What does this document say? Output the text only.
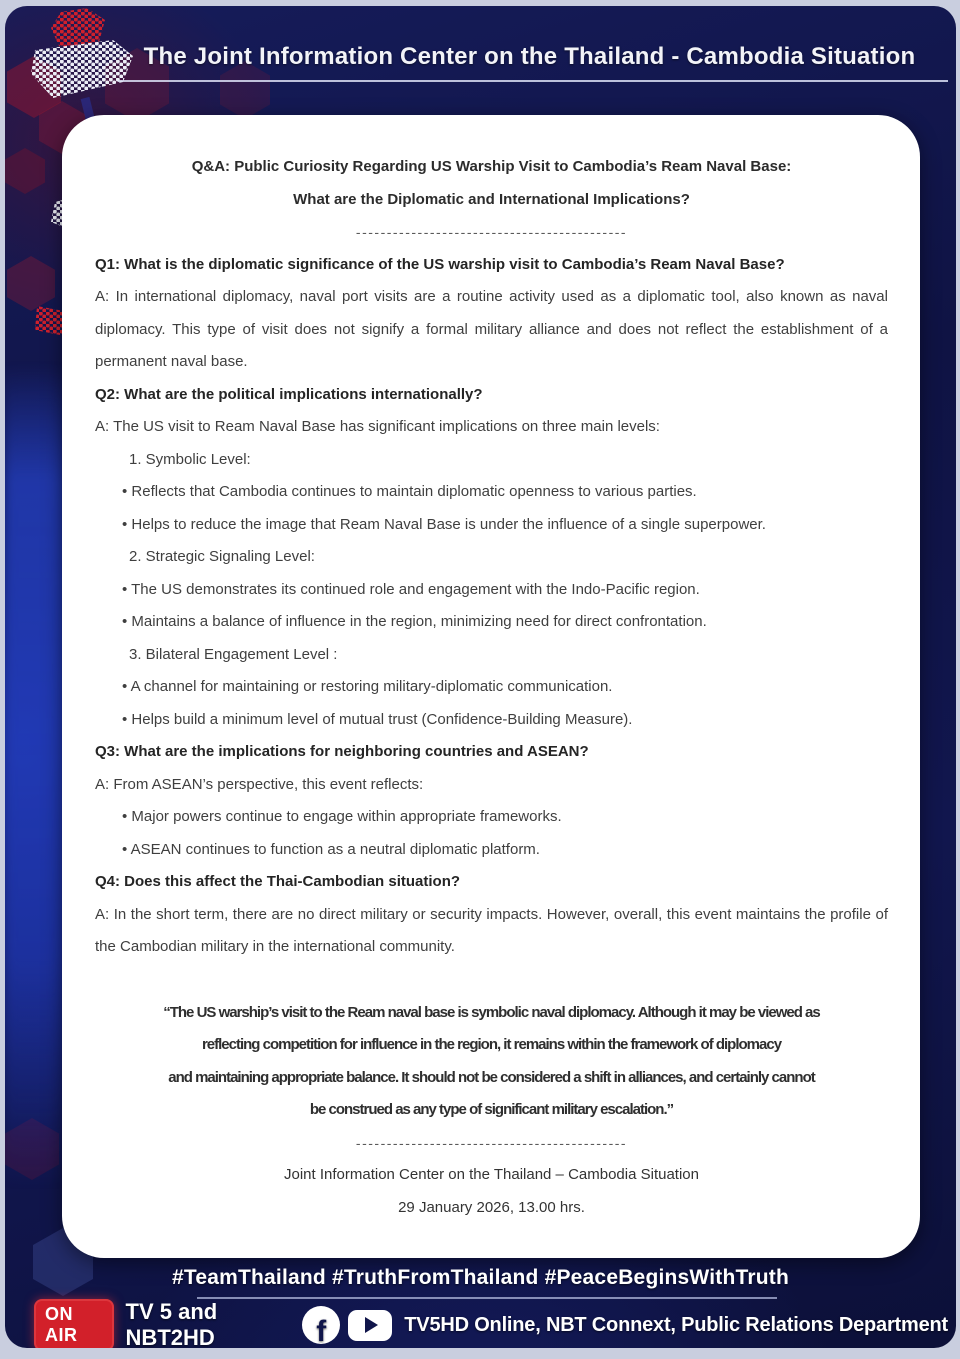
The Joint Information Center on the Thailand - Cambodia Situation

Q&A: Public Curiosity Regarding US Warship Visit to Cambodia’s Ream Naval Base:

What are the Diplomatic and International Implications?

--------------------------------------------

Q1: What is the diplomatic significance of the US warship visit to Cambodia’s Ream Naval Base?

A: In international diplomacy, naval port visits are a routine activity used as a diplomatic tool, also known as naval diplomacy. This type of visit does not signify a formal military alliance and does not reflect the establishment of a permanent naval base.

Q2: What are the political implications internationally?

A: The US visit to Ream Naval Base has significant implications on three main levels:

1. Symbolic Level:

• Reflects that Cambodia continues to maintain diplomatic openness to various parties.

• Helps to reduce the image that Ream Naval Base is under the influence of a single superpower.

2. Strategic Signaling Level:

• The US demonstrates its continued role and engagement with the Indo-Pacific region.

• Maintains a balance of influence in the region, minimizing need for direct confrontation.

3. Bilateral Engagement Level :

• A channel for maintaining or restoring military-diplomatic communication.

• Helps build a minimum level of mutual trust (Confidence-Building Measure).

Q3: What are the implications for neighboring countries and ASEAN?

A: From ASEAN’s perspective, this event reflects:

• Major powers continue to engage within appropriate frameworks.

• ASEAN continues to function as a neutral diplomatic platform.

Q4: Does this affect the Thai-Cambodian situation?

A: In the short term, there are no direct military or security impacts. However, overall, this event maintains the profile of the Cambodian military in the international community.

“The US warship’s visit to the Ream naval base is symbolic naval diplomacy. Although it may be viewed as

reflecting competition for influence in the region, it remains within the framework of diplomacy

and maintaining appropriate balance. It should not be considered a shift in alliances, and certainly cannot

be construed as any type of significant military escalation.”

--------------------------------------------

Joint Information Center on the Thailand – Cambodia Situation

29 January 2026, 13.00 hrs.

#TeamThailand #TruthFromThailand #PeaceBeginsWithTruth
ON AIR
TV 5 and NBT2HD	f	TV5HD Online, NBT Connext, Public Relations Department
